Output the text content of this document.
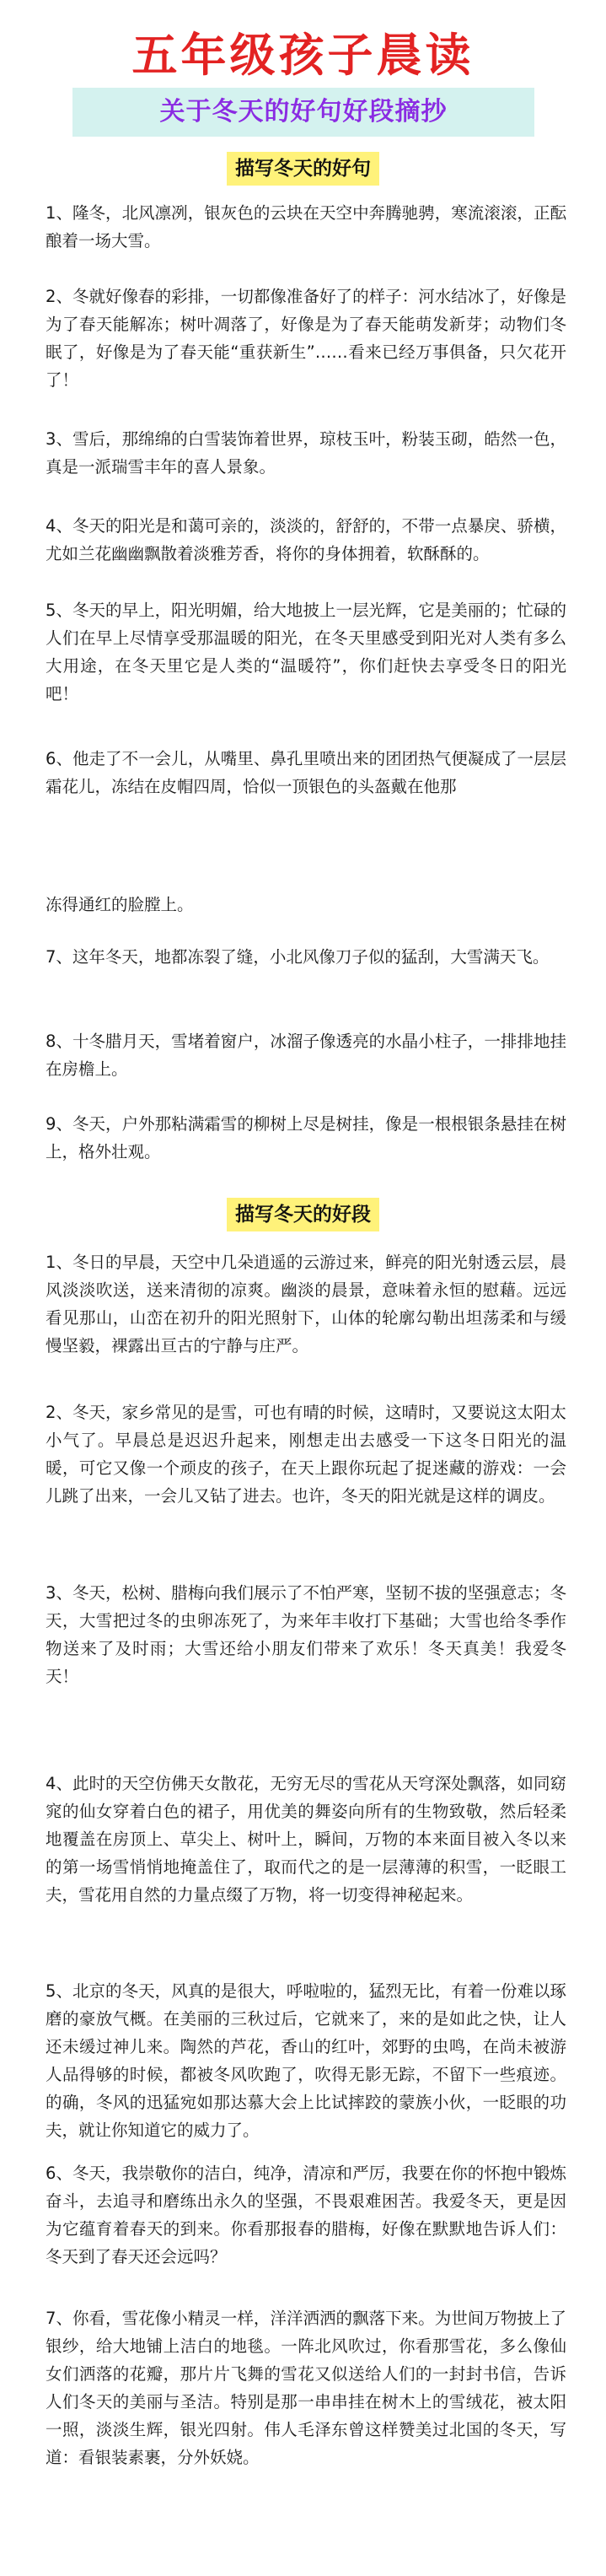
五年级孩子晨读
关于冬天的好句好段摘抄
描写冬天的好句

1、隆冬，北风凛冽，银灰色的云块在天空中奔腾驰骋，寒流滚滚，正酝酿着一场大雪。

2、冬就好像春的彩排，一切都像准备好了的样子：河水结冰了，好像是为了春天能解冻；树叶凋落了，好像是为了春天能萌发新芽；动物们冬眠了，好像是为了春天能“重获新生”……看来已经万事俱备，只欠花开了！

3、雪后，那绵绵的白雪装饰着世界，琼枝玉叶，粉装玉砌，皓然一色，真是一派瑞雪丰年的喜人景象。

4、冬天的阳光是和蔼可亲的，淡淡的，舒舒的，不带一点暴戾、骄横，尤如兰花幽幽飘散着淡雅芳香，将你的身体拥着，软酥酥的。

5、冬天的早上，阳光明媚，给大地披上一层光辉，它是美丽的；忙碌的人们在早上尽情享受那温暖的阳光，在冬天里感受到阳光对人类有多么大用途，在冬天里它是人类的“温暖符”，你们赶快去享受冬日的阳光吧！

6、他走了不一会儿，从嘴里、鼻孔里喷出来的团团热气便凝成了一层层霜花儿，冻结在皮帽四周，恰似一顶银色的头盔戴在他那

冻得通红的脸膛上。

7、这年冬天，地都冻裂了缝，小北风像刀子似的猛刮，大雪满天飞。

8、十冬腊月天，雪堵着窗户，冰溜子像透亮的水晶小柱子，一排排地挂在房檐上。

9、冬天，户外那粘满霜雪的柳树上尽是树挂，像是一根根银条悬挂在树上，格外壮观。

描写冬天的好段

1、冬日的早晨，天空中几朵逍遥的云游过来，鲜亮的阳光射透云层，晨风淡淡吹送，送来清彻的凉爽。幽淡的晨景，意味着永恒的慰藉。远远看见那山，山峦在初升的阳光照射下，山体的轮廓勾勒出坦荡柔和与缓慢坚毅，裸露出亘古的宁静与庄严。

2、冬天，家乡常见的是雪，可也有晴的时候，这晴时，又要说这太阳太小气了。早晨总是迟迟升起来，刚想走出去感受一下这冬日阳光的温暖，可它又像一个顽皮的孩子，在天上跟你玩起了捉迷藏的游戏：一会儿跳了出来，一会儿又钻了进去。也许，冬天的阳光就是这样的调皮。

3、冬天，松树、腊梅向我们展示了不怕严寒，坚韧不拔的坚强意志；冬天，大雪把过冬的虫卵冻死了，为来年丰收打下基础；大雪也给冬季作物送来了及时雨；大雪还给小朋友们带来了欢乐！冬天真美！我爱冬天！

4、此时的天空仿佛天女散花，无穷无尽的雪花从天穹深处飘落，如同窈窕的仙女穿着白色的裙子，用优美的舞姿向所有的生物致敬，然后轻柔地覆盖在房顶上、草尖上、树叶上，瞬间，万物的本来面目被入冬以来的第一场雪悄悄地掩盖住了，取而代之的是一层薄薄的积雪，一眨眼工夫，雪花用自然的力量点缀了万物，将一切变得神秘起来。

5、北京的冬天，风真的是很大，呼啦啦的，猛烈无比，有着一份难以琢磨的豪放气概。在美丽的三秋过后，它就来了，来的是如此之快，让人还未缓过神儿来。陶然的芦花，香山的红叶，郊野的虫鸣，在尚未被游人品得够的时候，都被冬风吹跑了，吹得无影无踪，不留下一些痕迹。的确，冬风的迅猛宛如那达慕大会上比试摔跤的蒙族小伙，一眨眼的功夫，就让你知道它的威力了。

6、冬天，我崇敬你的洁白，纯净，清凉和严厉，我要在你的怀抱中锻炼奋斗，去追寻和磨练出永久的坚强，不畏艰难困苦。我爱冬天，更是因为它蕴育着春天的到来。你看那报春的腊梅，好像在默默地告诉人们：冬天到了春天还会远吗？

7、你看，雪花像小精灵一样，洋洋洒洒的飘落下来。为世间万物披上了银纱，给大地铺上洁白的地毯。一阵北风吹过，你看那雪花，多么像仙女们洒落的花瓣，那片片飞舞的雪花又似送给人们的一封封书信，告诉人们冬天的美丽与圣洁。特别是那一串串挂在树木上的雪绒花，被太阳一照，淡淡生辉，银光四射。伟人毛泽东曾这样赞美过北国的冬天，写道：看银装素裹，分外妖娆。
